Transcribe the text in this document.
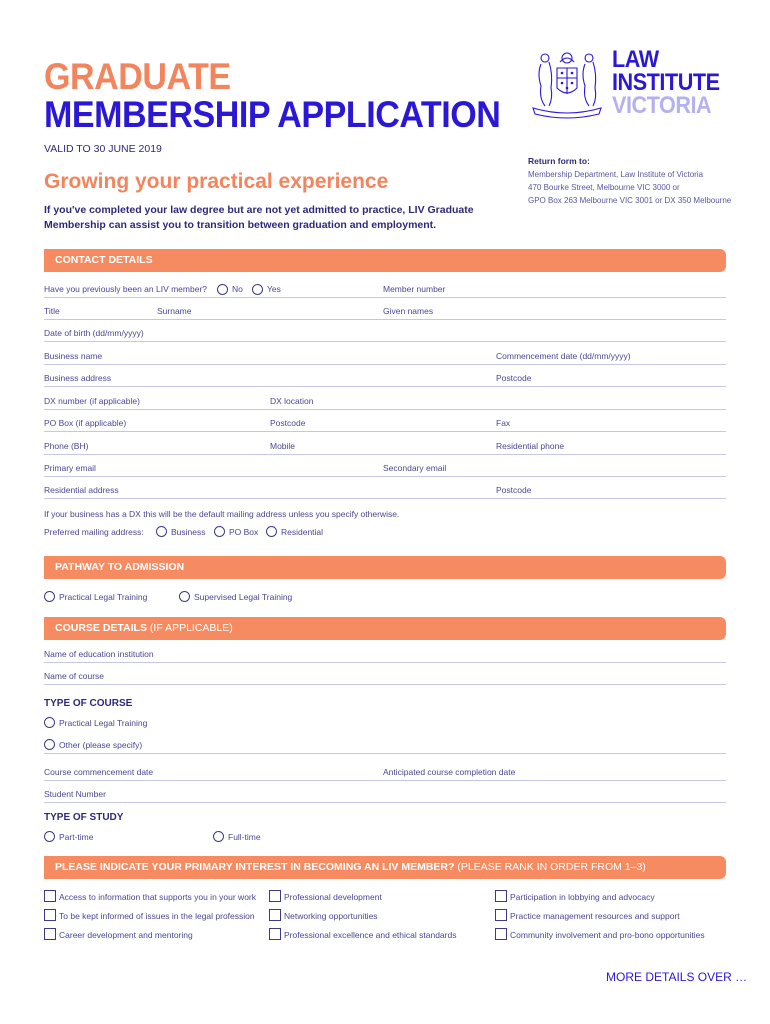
GRADUATE
MEMBERSHIP APPLICATION
VALID TO 30 JUNE 2019
Growing your practical experience
If you've completed your law degree but are not yet admitted to practice, LIV Graduate Membership can assist you to transition between graduation and employment.
LAW
INSTITUTE
VICTORIA
Return form to:
Membership Department, Law Institute of Victoria
470 Bourke Street, Melbourne VIC 3000 or
GPO Box 263 Melbourne VIC 3001 or DX 350 Melbourne
CONTACT DETAILS
Have you previously been an LIV member?	No	Yes	Member number
Title	Surname	Given names
Date of birth (dd/mm/yyyy)
Business name	Commencement date (dd/mm/yyyy)
Business address	Postcode
DX number (if applicable)	DX location
PO Box (if applicable)	Postcode	Fax
Phone (BH)	Mobile	Residential phone
Primary email	Secondary email
Residential address	Postcode
If your business has a DX this will be the default mailing address unless you specify otherwise.
Preferred mailing address:	Business	PO Box	Residential
PATHWAY TO ADMISSION
Practical Legal Training	Supervised Legal Training
COURSE DETAILS (IF APPLICABLE)
Name of education institution
Name of course
TYPE OF COURSE
Practical Legal Training
Other (please specify)
Course commencement date	Anticipated course completion date
Student Number
TYPE OF STUDY
Part-time	Full-time
PLEASE INDICATE YOUR PRIMARY INTEREST IN BECOMING AN LIV MEMBER? (PLEASE RANK IN ORDER FROM 1–3)
Access to information that supports you in your work	Professional development	Participation in lobbying and advocacy
To be kept informed of issues in the legal profession	Networking opportunities	Practice management resources and support
Career development and mentoring	Professional excellence and ethical standards	Community involvement and pro-bono opportunities
MORE DETAILS OVER …
